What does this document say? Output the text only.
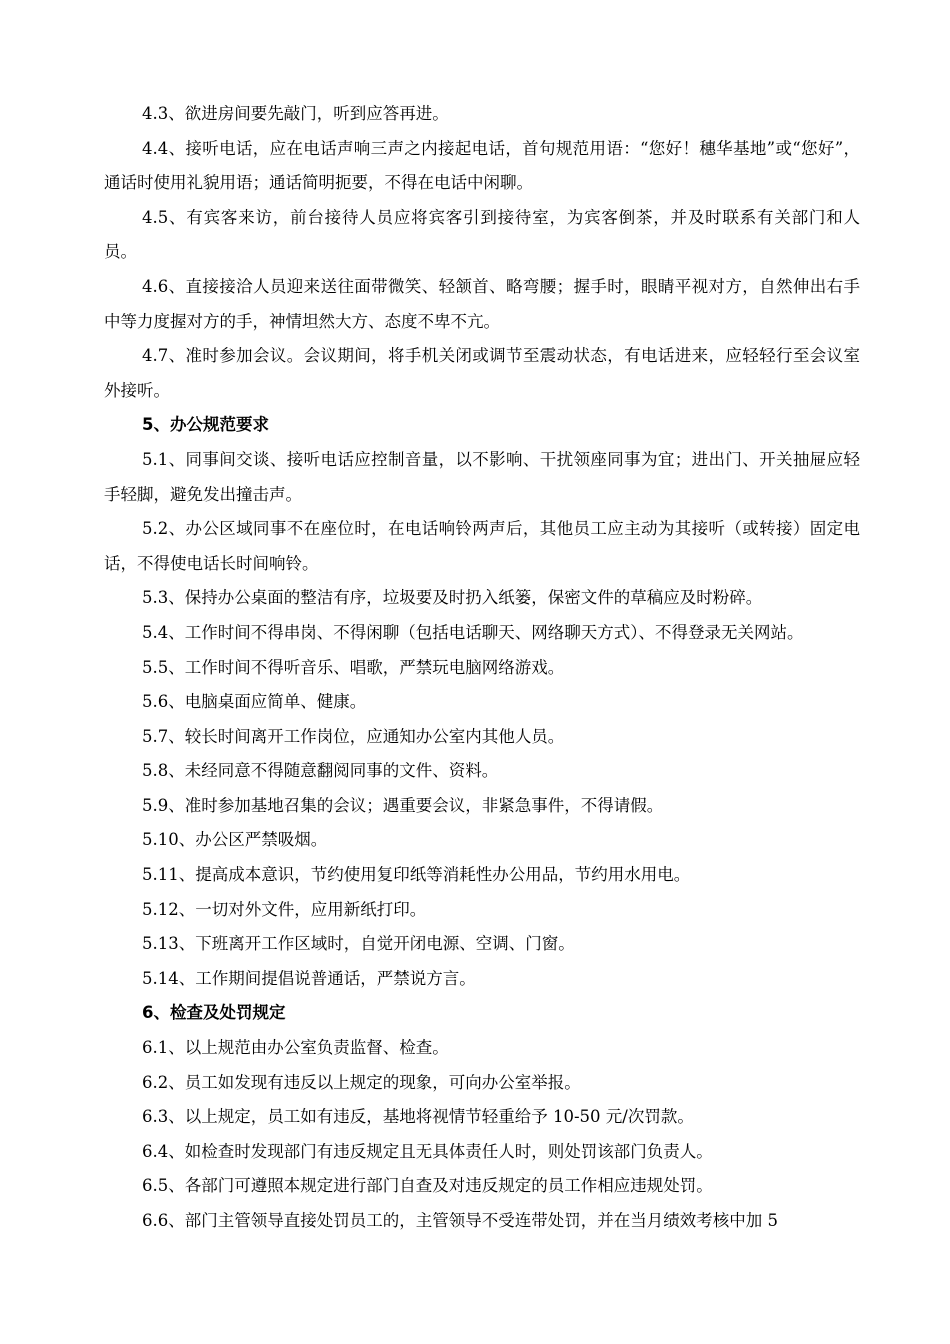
4.3、欲进房间要先敲门，听到应答再进。

4.4、接听电话，应在电话声响三声之内接起电话，首句规范用语：“您好！穗华基地”或“您好”，通话时使用礼貌用语；通话简明扼要，不得在电话中闲聊。

4.5、有宾客来访，前台接待人员应将宾客引到接待室，为宾客倒茶，并及时联系有关部门和人员。

4.6、直接接洽人员迎来送往面带微笑、轻颔首、略弯腰；握手时，眼睛平视对方，自然伸出右手中等力度握对方的手，神情坦然大方、态度不卑不亢。

4.7、准时参加会议。会议期间，将手机关闭或调节至震动状态，有电话进来，应轻轻行至会议室外接听。

5、办公规范要求

5.1、同事间交谈、接听电话应控制音量，以不影响、干扰领座同事为宜；进出门、开关抽屉应轻手轻脚，避免发出撞击声。

5.2、办公区域同事不在座位时，在电话响铃两声后，其他员工应主动为其接听（或转接）固定电话，不得使电话长时间响铃。

5.3、保持办公桌面的整洁有序，垃圾要及时扔入纸篓，保密文件的草稿应及时粉碎。

5.4、工作时间不得串岗、不得闲聊（包括电话聊天、网络聊天方式）、不得登录无关网站。

5.5、工作时间不得听音乐、唱歌，严禁玩电脑网络游戏。

5.6、电脑桌面应简单、健康。

5.7、较长时间离开工作岗位，应通知办公室内其他人员。

5.8、未经同意不得随意翻阅同事的文件、资料。

5.9、准时参加基地召集的会议；遇重要会议，非紧急事件，不得请假。

5.10、办公区严禁吸烟。

5.11、提高成本意识，节约使用复印纸等消耗性办公用品，节约用水用电。

5.12、一切对外文件，应用新纸打印。

5.13、下班离开工作区域时，自觉开闭电源、空调、门窗。

5.14、工作期间提倡说普通话，严禁说方言。

6、检查及处罚规定

6.1、以上规范由办公室负责监督、检查。

6.2、员工如发现有违反以上规定的现象，可向办公室举报。

6.3、以上规定，员工如有违反，基地将视情节轻重给予 10-50 元/次罚款。

6.4、如检查时发现部门有违反规定且无具体责任人时，则处罚该部门负责人。

6.5、各部门可遵照本规定进行部门自查及对违反规定的员工作相应违规处罚。

6.6、部门主管领导直接处罚员工的，主管领导不受连带处罚，并在当月绩效考核中加 5
